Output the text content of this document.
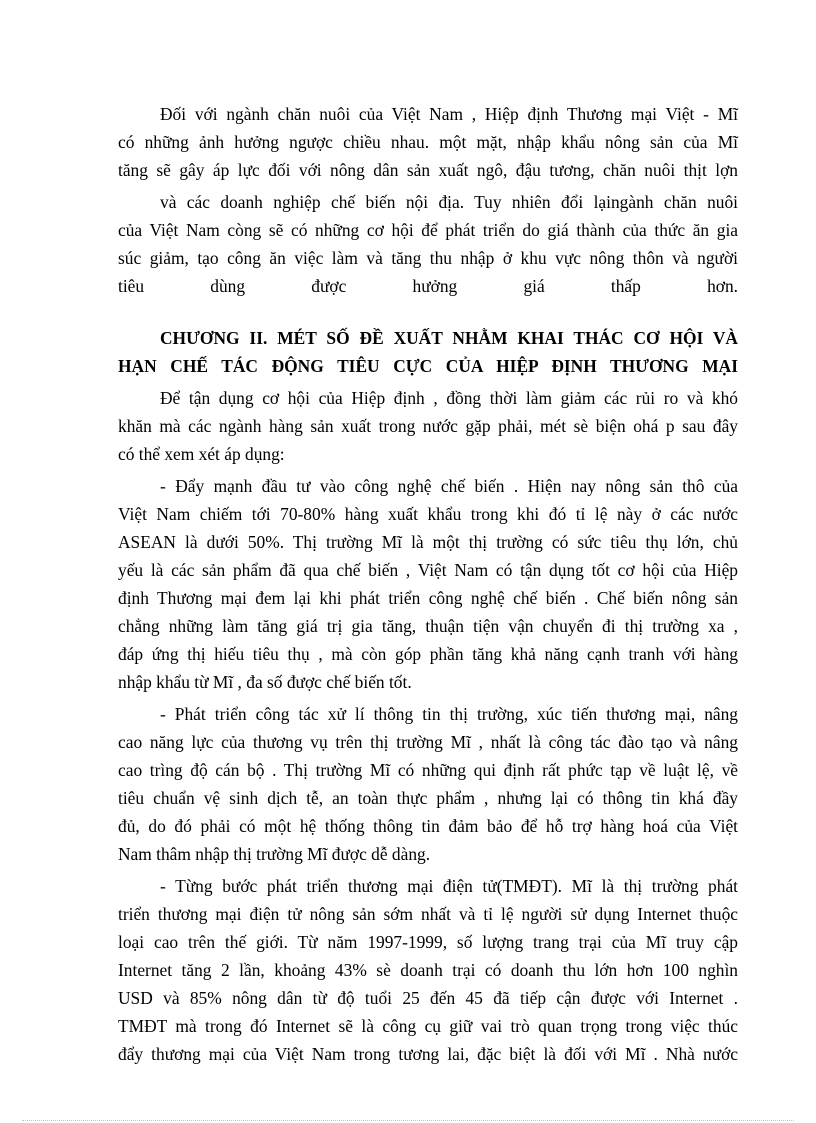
Đối với ngành chăn nuôi của Việt Nam , Hiệp định Thương mại Việt - Mĩ
có những ảnh hưởng ngược chiều nhau. một mặt, nhập khẩu nông sản của Mĩ
tăng sẽ gây áp lực đối với nông dân sản xuất ngô, đậu tương, chăn nuôi thịt lợn
và các doanh nghiệp chế biến nội địa. Tuy nhiên đổi lạingành chăn nuôi
của Việt Nam còng sẽ có những cơ hội để phát triển do giá thành của thức ăn gia
súc giảm, tạo công ăn việc làm và tăng thu nhập ở khu vực nông thôn và người
tiêu dùng được hưởng giá thấp hơn.
CHƯƠNG II. MÉT SỐ ĐỀ XUẤT NHẰM KHAI THÁC CƠ HỘI VÀ
HẠN CHẾ TÁC ĐỘNG TIÊU CỰC CỦA HIỆP ĐỊNH THƯƠNG MẠI
Để tận dụng cơ hội của Hiệp định , đồng thời làm giảm các rủi ro và khó
khăn mà các ngành hàng sản xuất trong nước gặp phải, mét sè biện ohá p sau đây
có thể xem xét áp dụng:
- Đẩy mạnh đầu tư vào công nghệ chế biến . Hiện nay nông sản thô của
Việt Nam chiếm tới 70-80% hàng xuất khẩu trong khi đó tỉ lệ này ở các nước
ASEAN là dưới 50%. Thị trường Mĩ là một thị trường có sức tiêu thụ lớn, chủ
yếu là các sản phẩm đã qua chế biến , Việt Nam có tận dụng tốt cơ hội của Hiệp
định Thương mại đem lại khi phát triển công nghệ chế biến . Chế biến nông sản
chẳng những làm tăng giá trị gia tăng, thuận tiện vận chuyển đi thị trường xa ,
đáp ứng thị hiếu tiêu thụ , mà còn góp phần tăng khả năng cạnh tranh với hàng
nhập khẩu từ Mĩ , đa số được chế biến tốt.
- Phát triển công tác xử lí thông tin thị trường, xúc tiến thương mại, nâng
cao năng lực của thương vụ trên thị trường Mĩ , nhất là công tác đào tạo và nâng
cao trìng độ cán bộ . Thị trường Mĩ có những qui định rất phức tạp về luật lệ, về
tiêu chuẩn vệ sinh dịch tễ, an toàn thực phẩm , nhưng lại có thông tin khá đầy
đủ, do đó phải có một hệ thống thông tin đảm bảo để hỗ trợ hàng hoá của Việt
Nam thâm nhập thị trường Mĩ được dễ dàng.
- Từng bước phát triển thương mại điện tử(TMĐT). Mĩ là thị trường phát
triển thương mại điện tử nông sản sớm nhất và tỉ lệ người sử dụng Internet thuộc
loại cao trên thế giới. Từ năm 1997-1999, số lượng trang trại của Mĩ truy cập
Internet tăng 2 lần, khoảng 43% sè doanh trại có doanh thu lớn hơn 100 nghìn
USD và 85% nông dân từ độ tuổi 25 đến 45 đã tiếp cận được với Internet .
TMĐT mà trong đó Internet sẽ là công cụ giữ vai trò quan trọng trong việc thúc
đẩy thương mại của Việt Nam trong tương lai, đặc biệt là đối với Mĩ . Nhà nước
